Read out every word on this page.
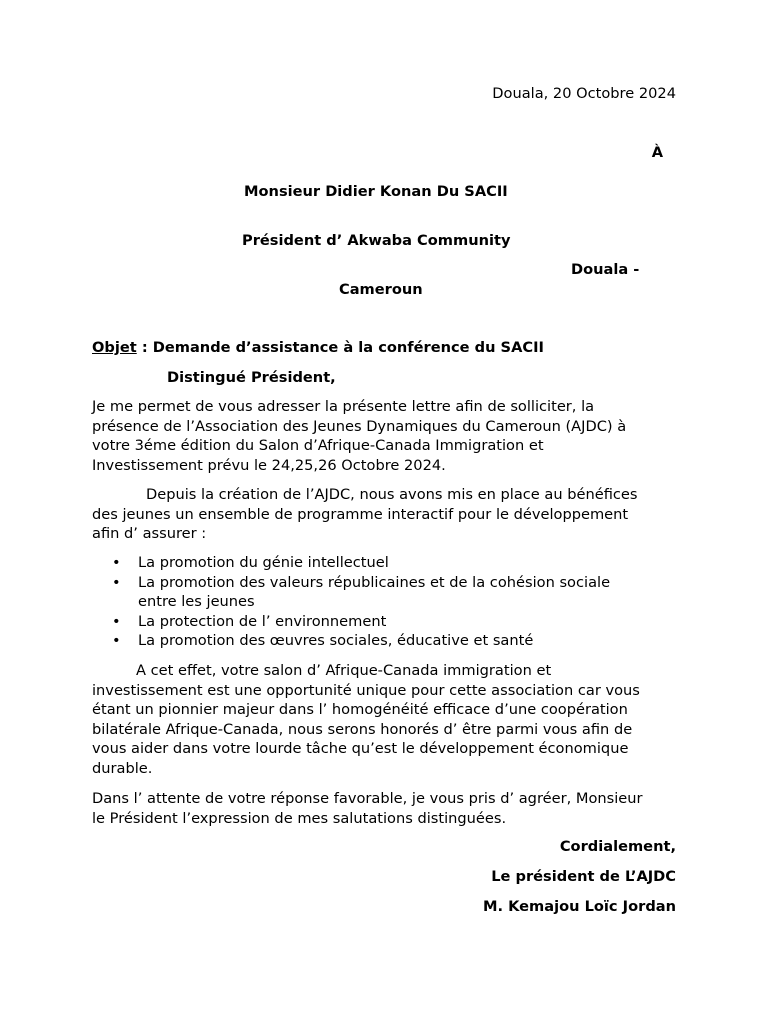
Douala, 20 Octobre 2024
À
Monsieur Didier Konan Du SACII
Président d’ Akwaba Community
Douala -
Cameroun
Objet : Demande d’assistance à la conférence du SACII
Distingué Président,
Je me permet de vous adresser la présente lettre afin de solliciter, la
présence de l’Association des Jeunes Dynamiques du Cameroun (AJDC) à
votre 3éme édition du Salon d’Afrique-Canada Immigration et
Investissement prévu le 24,25,26 Octobre 2024.
Depuis la création de l’AJDC, nous avons mis en place au bénéfices
des jeunes un ensemble de programme interactif pour le développement
afin d’ assurer :
• La promotion du génie intellectuel
• La promotion des valeurs républicaines et de la cohésion sociale
entre les jeunes
• La protection de l’ environnement
• La promotion des œuvres sociales, éducative et santé
A cet effet, votre salon d’ Afrique-Canada immigration et
investissement est une opportunité unique pour cette association car vous
étant un pionnier majeur dans l’ homogénéité efficace d’une coopération
bilatérale Afrique-Canada, nous serons honorés d’ être parmi vous afin de
vous aider dans votre lourde tâche qu’est le développement économique
durable.
Dans l’ attente de votre réponse favorable, je vous pris d’ agréer, Monsieur
le Président l’expression de mes salutations distinguées.
Cordialement,
Le président de L’AJDC
M. Kemajou Loïc Jordan
